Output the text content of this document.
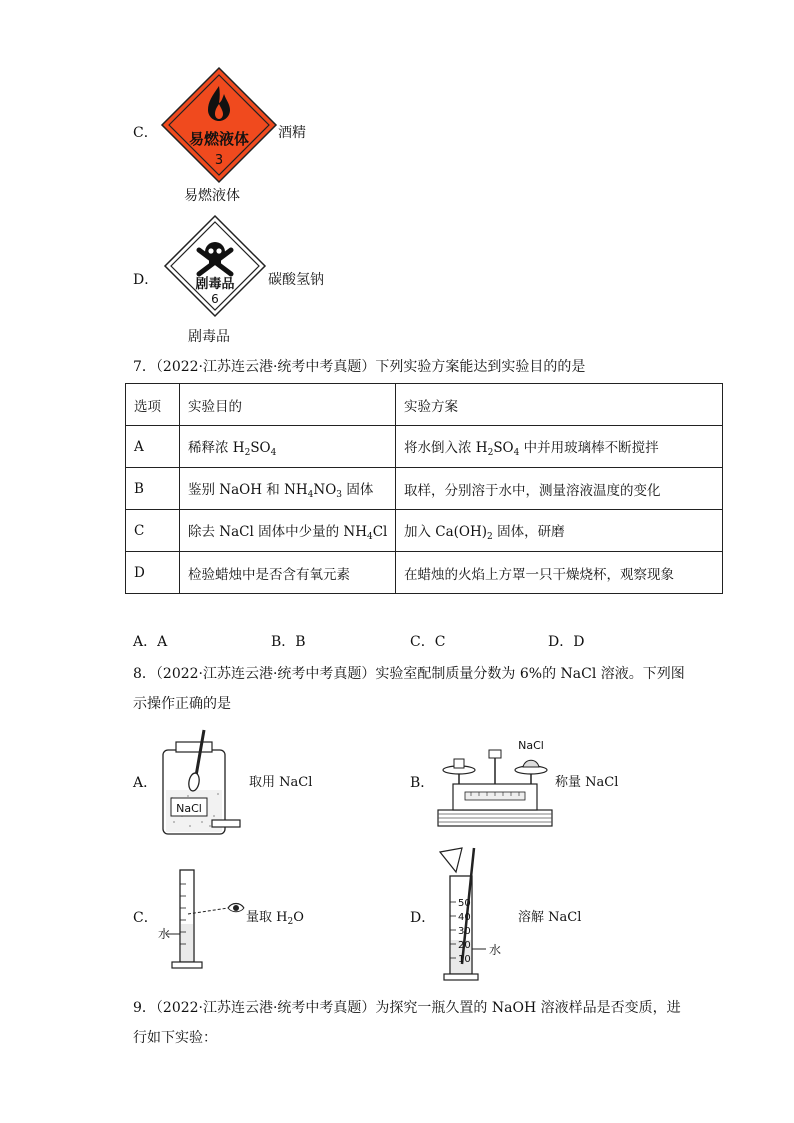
C． 易燃液体
3
酒精
易燃液体
D．	剧毒品
6
碳酸氢钠
剧毒品
7．（2022·江苏连云港·统考中考真题）下列实验方案能达到实验目的的是
选项	实验目的	实验方案
A	稀释浓 $H_2SO_4$	将水倒入浓 $H_2SO_4$ 中并用玻璃棒不断搅拌
B	鉴别 NaOH 和 $NH_4NO_3$ 固体	取样，分别溶于水中，测量溶液温度的变化
C	除去 NaCl 固体中少量的 $NH_4Cl$	加入 $Ca(OH)_2$ 固体，研磨
D	检验蜡烛中是否含有氧元素	在蜡烛的火焰上方罩一只干燥烧杯，观察现象
A．A	B．B	C．C	D．D
8．（2022·江苏连云港·统考中考真题）实验室配制质量分数为 6%的 NaCl 溶液。下列图
示操作正确的是
A．
NaCl
取用 NaCl	B．
NaCl
称量 NaCl
C．
水
量取 $H_2O$	D．
50
40
30
20
10
水
溶解 NaCl
9．（2022·江苏连云港·统考中考真题）为探究一瓶久置的 NaOH 溶液样品是否变质，进
行如下实验：
